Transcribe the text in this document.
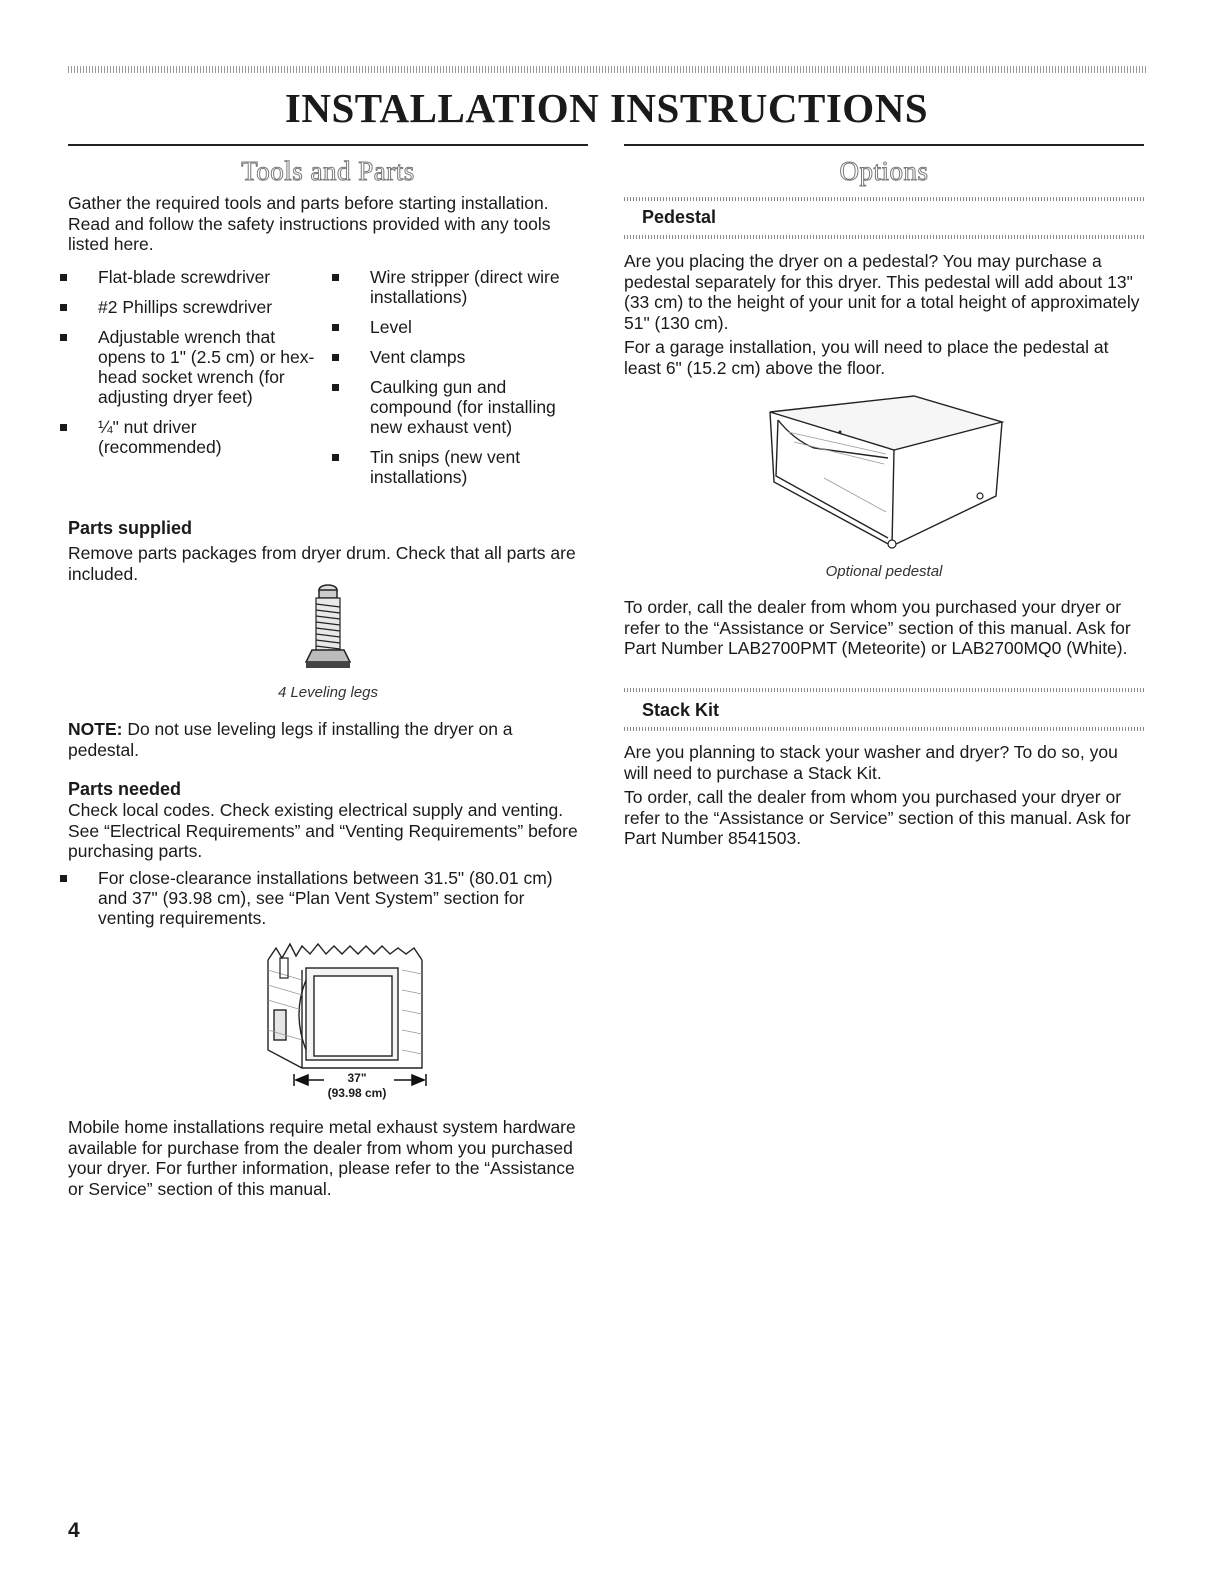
INSTALLATION INSTRUCTIONS
Tools and Parts
Gather the required tools and parts before starting installation. Read and follow the safety instructions provided with any tools listed here.
Flat-blade screwdriver
#2 Phillips screwdriver
Adjustable wrench that opens to 1" (2.5 cm) or hex-head socket wrench (for adjusting dryer feet)
¼" nut driver (recommended)
Wire stripper (direct wire installations)
Level
Vent clamps
Caulking gun and compound (for installing new exhaust vent)
Tin snips (new vent installations)
Parts supplied
Remove parts packages from dryer drum. Check that all parts are included.
4 Leveling legs
NOTE: Do not use leveling legs if installing the dryer on a pedestal.
Parts needed
Check local codes. Check existing electrical supply and venting. See “Electrical Requirements” and “Venting Requirements” before purchasing parts.
For close-clearance installations between 31.5" (80.01 cm) and 37" (93.98 cm), see “Plan Vent System” section for venting requirements.
37"
(93.98 cm)
Mobile home installations require metal exhaust system hardware available for purchase from the dealer from whom you purchased your dryer. For further information, please refer to the “Assistance or Service” section of this manual.
Options
Pedestal
Are you placing the dryer on a pedestal? You may purchase a pedestal separately for this dryer. This pedestal will add about 13" (33 cm) to the height of your unit for a total height of approximately 51" (130 cm).
For a garage installation, you will need to place the pedestal at least 6" (15.2 cm) above the floor.
Optional pedestal
To order, call the dealer from whom you purchased your dryer or refer to the “Assistance or Service” section of this manual. Ask for Part Number LAB2700PMT (Meteorite) or LAB2700MQ0 (White).
Stack Kit
Are you planning to stack your washer and dryer? To do so, you will need to purchase a Stack Kit.
To order, call the dealer from whom you purchased your dryer or refer to the “Assistance or Service” section of this manual. Ask for Part Number 8541503.
4
